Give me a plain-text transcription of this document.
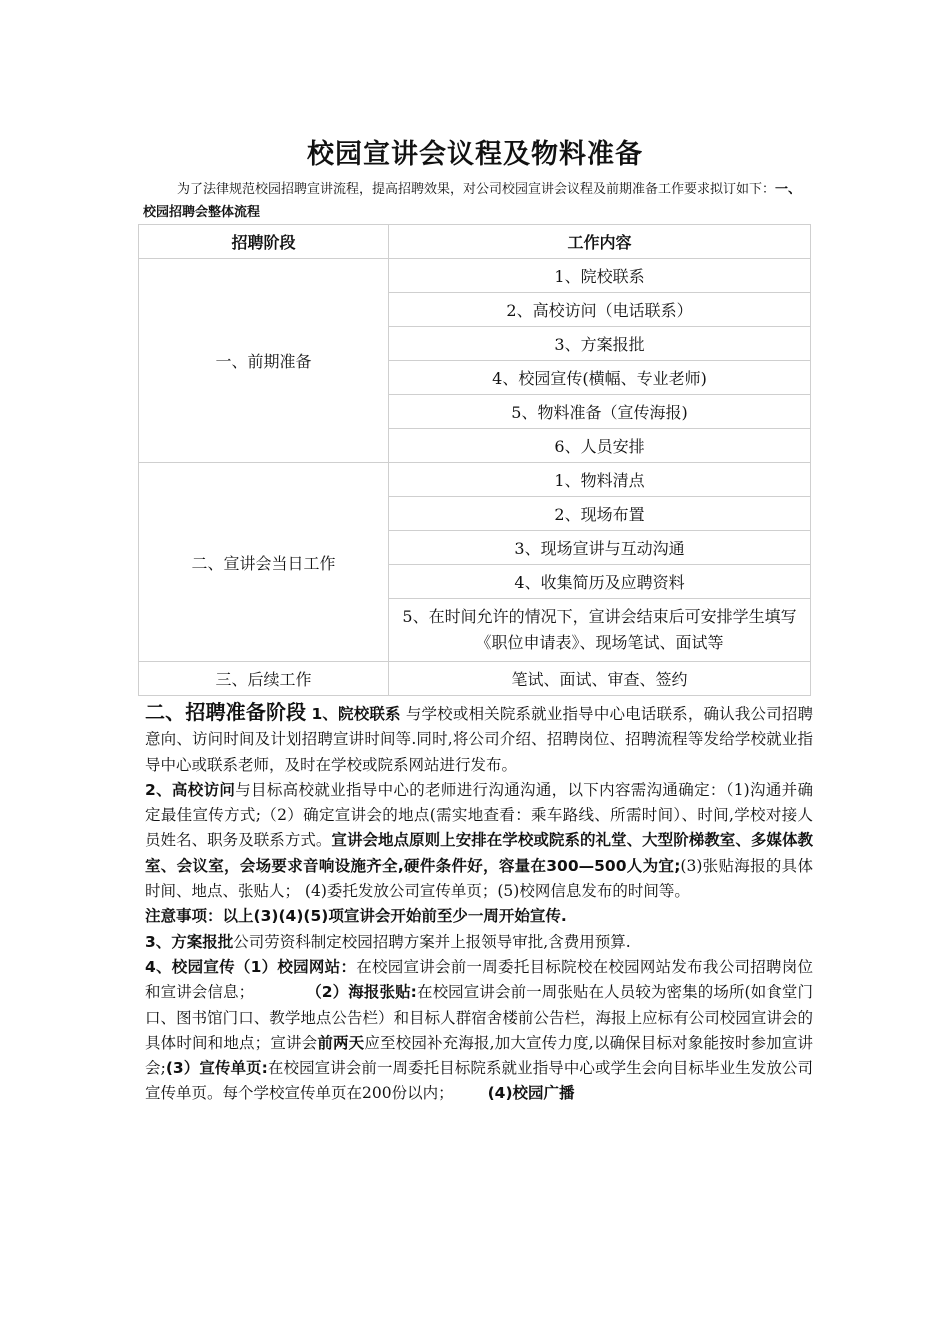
校园宣讲会议程及物料准备
为了法律规范校园招聘宣讲流程，提高招聘效果，对公司校园宣讲会议程及前期准备工作要求拟订如下：一、校园招聘会整体流程
招聘阶段	工作内容
一、前期准备	1、院校联系
	2、高校访问（电话联系）
	3、方案报批
	4、校园宣传(横幅、专业老师)
	5、物料准备（宣传海报)
	6、人员安排
二、宣讲会当日工作	1、物料清点
	2、现场布置
	3、现场宣讲与互动沟通
	4、收集简历及应聘资料
	5、在时间允许的情况下，宣讲会结束后可安排学生填写《职位申请表》、现场笔试、面试等
三、后续工作	笔试、面试、审查、签约

二、招聘准备阶段 1、院校联系 与学校或相关院系就业指导中心电话联系，确认我公司招聘意向、访问时间及计划招聘宣讲时间等.同时,将公司介绍、招聘岗位、招聘流程等发给学校就业指导中心或联系老师，及时在学校或院系网站进行发布。

2、高校访问与目标高校就业指导中心的老师进行沟通沟通，以下内容需沟通确定：（1)沟通并确定最佳宣传方式;（2）确定宣讲会的地点(需实地查看：乘车路线、所需时间）、时间,学校对接人员姓名、职务及联系方式。宣讲会地点原则上安排在学校或院系的礼堂、大型阶梯教室、多媒体教室、会议室，会场要求音响设施齐全,硬件条件好，容量在300—500人为宜;(3)张贴海报的具体时间、地点、张贴人； (4)委托发放公司宣传单页；(5)校网信息发布的时间等。

注意事项：以上(3)(4)(5)项宣讲会开始前至少一周开始宣传.

3、方案报批公司劳资科制定校园招聘方案并上报领导审批,含费用预算.

4、校园宣传（1）校园网站：在校园宣讲会前一周委托目标院校在校园网站发布我公司招聘岗位和宣讲会信息；	（2）海报张贴:在校园宣讲会前一周张贴在人员较为密集的场所(如食堂门口、图书馆门口、教学地点公告栏）和目标人群宿舍楼前公告栏，海报上应标有公司校园宣讲会的具体时间和地点；宣讲会前两天应至校园补充海报,加大宣传力度,以确保目标对象能按时参加宣讲会;(3）宣传单页:在校园宣讲会前一周委托目标院系就业指导中心或学生会向目标毕业生发放公司宣传单页。每个学校宣传单页在200份以内； (4)校园广播
